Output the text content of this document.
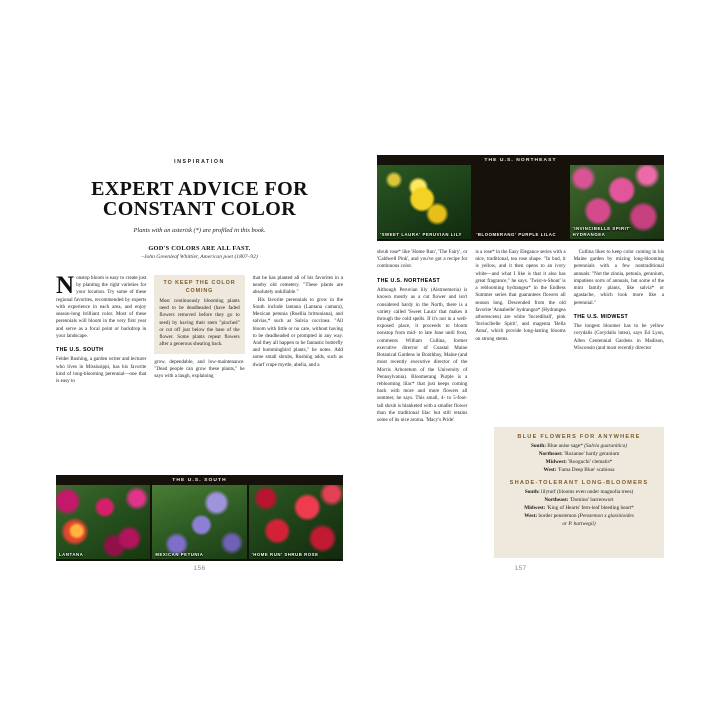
INSPIRATION
EXPERT ADVICE FOR
CONSTANT COLOR
Plants with an asterisk (*) are profiled in this book.
GOD'S COLORS ARE ALL FAST.
–John Greenleaf Whittier, American poet (1807–92)

Nonstop bloom is easy to create just by planting the right varieties for your location. Try some of these regional favorites, recommended by experts with experience in each area, and enjoy season-long brilliant color. Most of these perennials will bloom in the very first year and serve as a focal point or backdrop in your landscape.

THE U.S. SOUTH

Felder Rushing, a garden writer and lecturer who lives in Mississippi, has his favorite kind of long-blooming perennial—one that is easy to

TO KEEP THE COLOR COMING
Most continuously blooming plants need to be deadheaded (have faded flowers removed before they go to seed) by having their stem "pinched" or cut off just below the base of the flower. Some plants repeat flowers after a generous shearing back.

grow, dependable, and low-maintenance. "Dead people can grow these plants," he says with a laugh, explaining

that he has planted all of his favorites in a nearby old cemetery. "These plants are absolutely unkillable."

His favorite perennials to grow in the South include lantana (Lantana camara), Mexican petunia (Ruellia brittoniana), and salvias,* such as Salvia coccinea. "All bloom with little or no care, without having to be deadheaded or prompted in any way. And they all happen to be fantastic butterfly and hummingbird plants," he notes. Add some small shrubs, Rushing adds, such as dwarf crape myrtle, abelia, and a

THE U.S. SOUTH
LANTANA	MEXICAN PETUNIA	'HOME RUN' SHRUB ROSE
156
THE U.S. NORTHEAST
'SWEET LAURA' PERUVIAN LILY	'BLOOMERANG' PURPLE LILAC
'INVINCIBELLE SPIRIT' HYDRANGEA

shrub rose* like 'Home Run', 'The Fairy', or 'Caldwell Pink', and you've got a recipe for continuous color.

THE U.S. NORTHEAST

Although Peruvian lily (Alstroemeria) is known mostly as a cut flower and isn't considered hardy in the North, there is a variety called 'Sweet Laura' that makes it through the cold spells. If it's not in a well-exposed place, it proceeds to bloom nonstop from mid- to late June until frost, comments William Cullina, former executive director of Coastal Maine Botanical Gardens in Boothbay, Maine (and most recently executive director of the Morris Arboretum of the University of Pennsylvania). Bloomerang Purple is a reblooming lilac* that just keeps coming back with more and more flowers all summer, he says. This small, 4- to 5-foot-tall shrub is blanketed with a smaller flower than the traditional lilac but still retains some of its nice aroma. 'Macy's Pride'

is a rose* in the Easy Elegance series with a nice, traditional, tea rose shape. "In bud, it is yellow, and it then opens to an ivory white—and what I like is that it also has great fragrance," he says. 'Twist-n-Shout' is a reblooming hydrangea* in the Endless Summer series that guarantees flowers all season long. Descended from the old favorite 'Annabelle' hydrangea* (Hydrangea arborescens) are white 'Incrediball', pink 'Invincibelle Spirit', and magenta 'Bella Anna', which provide long-lasting blooms on strong stems.

Cullina likes to keep color coming in his Maine garden by mixing long-blooming perennials with a few nontraditional annuals: "Not the zinnia, petunia, geranium, impatiens sorts of annuals, but some of the mint family plants, like salvia* or agastache, which look more like a perennial."

THE U.S. MIDWEST

The longest bloomer has to be yellow corydalis (Corydalis lutea), says Ed Lyon, Allen Centennial Gardens in Madison, Wisconsin (and most recently director

BLUE FLOWERS FOR ANYWHERE
South: Blue anise sage* (Salvia guaranitica)
Northeast: 'Rozanne' hardy geranium
Midwest: 'Rooguchi' clematis*
West: 'Fama Deep Blue' scabiosa
SHADE-TOLERANT LONG-BLOOMERS
South: lilyturf (blooms even under magnolia trees)
Northeast: 'Domino' barrenwort
Midwest: 'King of Hearts' fern-leaf bleeding heart*
West: border penstemon (Penstemon x glaxinioides
or P. hartwegii)
157
